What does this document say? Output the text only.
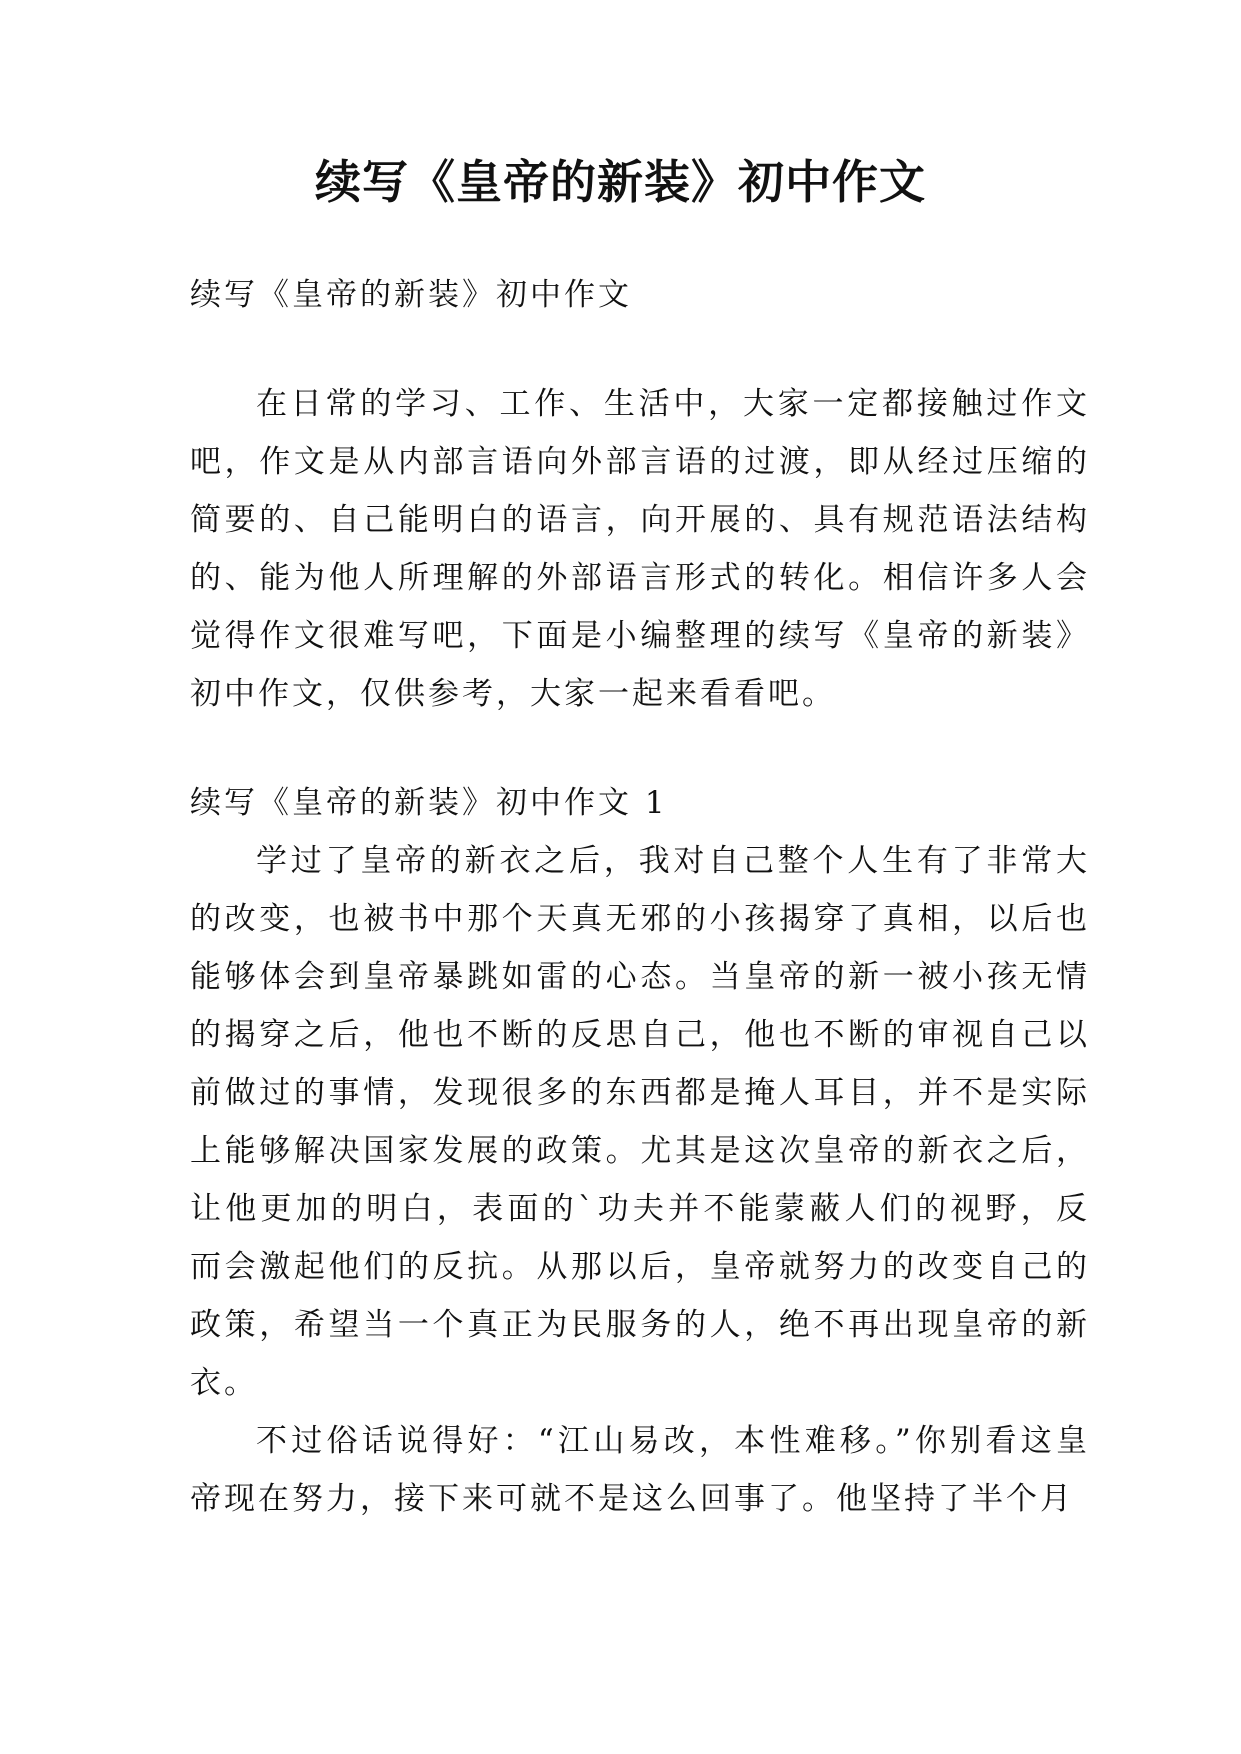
续写《皇帝的新装》初中作文

续写《皇帝的新装》初中作文

在日常的学习、工作、生活中，大家一定都接触过作文吧，作文是从内部言语向外部言语的过渡，即从经过压缩的简要的、自己能明白的语言，向开展的、具有规范语法结构的、能为他人所理解的外部语言形式的转化。相信许多人会觉得作文很难写吧，下面是小编整理的续写《皇帝的新装》初中作文，仅供参考，大家一起来看看吧。

续写《皇帝的新装》初中作文 1

学过了皇帝的新衣之后，我对自己整个人生有了非常大的改变，也被书中那个天真无邪的小孩揭穿了真相，以后也能够体会到皇帝暴跳如雷的心态。当皇帝的新一被小孩无情的揭穿之后，他也不断的反思自己，他也不断的审视自己以前做过的事情，发现很多的东西都是掩人耳目，并不是实际上能够解决国家发展的政策。尤其是这次皇帝的新衣之后，让他更加的明白，表面的`功夫并不能蒙蔽人们的视野，反而会激起他们的反抗。从那以后，皇帝就努力的改变自己的政策，希望当一个真正为民服务的人，绝不再出现皇帝的新衣。

不过俗话说得好：“江山易改，本性难移。”你别看这皇帝现在努力，接下来可就不是这么回事了。他坚持了半个月
